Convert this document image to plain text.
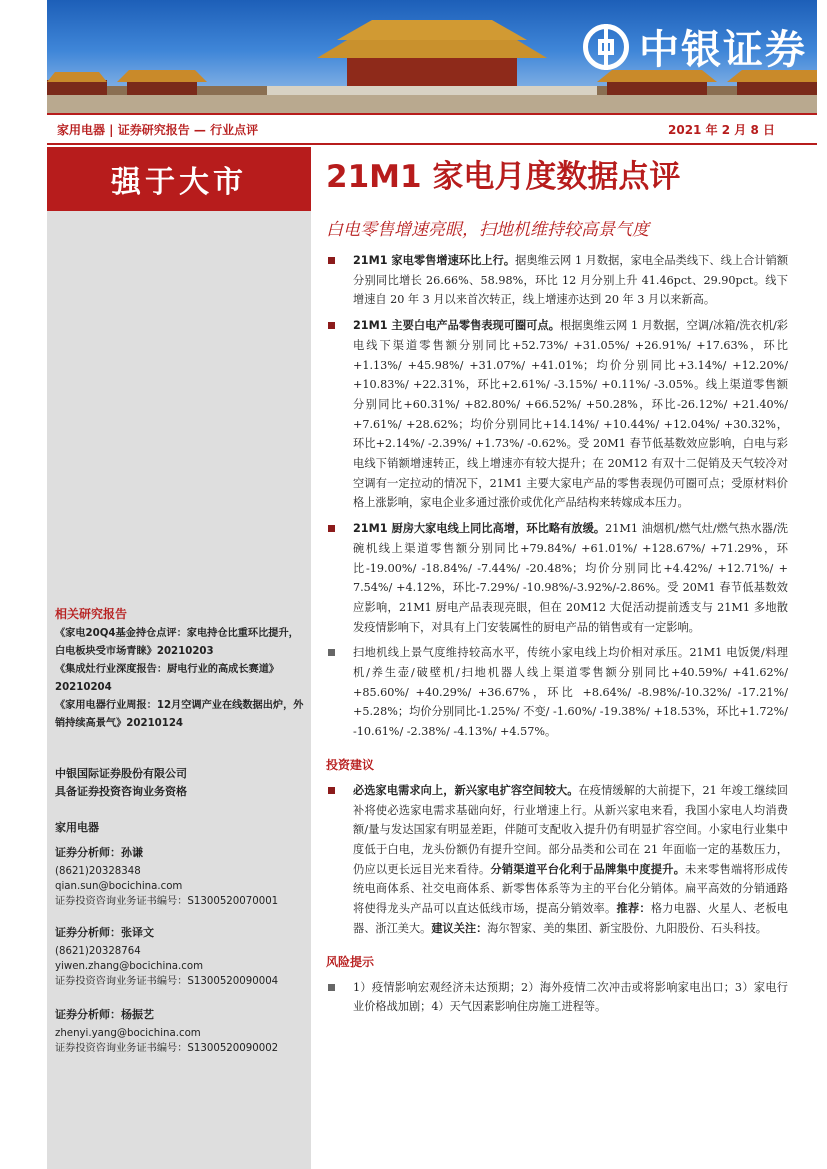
中银证券
家用电器 | 证券研究报告 — 行业点评	2021 年 2 月 8 日
强于大市
相关研究报告
《家电20Q4基金持仓点评：家电持仓比重环比提升，白电板块受市场青睐》20210203
《集成灶行业深度报告：厨电行业的高成长赛道》20210204
《家用电器行业周报：12月空调产业在线数据出炉，外销持续高景气》20210124
中银国际证券股份有限公司
具备证券投资咨询业务资格
家用电器
证券分析师：孙谦
(8621)20328348
qian.sun@bocichina.com
证券投资咨询业务证书编号：S1300520070001
证券分析师：张译文
(8621)20328764
yiwen.zhang@bocichina.com
证券投资咨询业务证书编号：S1300520090004
证券分析师：杨振艺
zhenyi.yang@bocichina.com
证券投资咨询业务证书编号：S1300520090002
21M1 家电月度数据点评
白电零售增速亮眼，扫地机维持较高景气度
21M1 家电零售增速环比上行。据奥维云网 1 月数据，家电全品类线下、线上合计销额分别同比增长 26.66%、58.98%，环比 12 月分别上升 41.46pct、29.90pct。线下增速自 20 年 3 月以来首次转正，线上增速亦达到 20 年 3 月以来新高。
21M1 主要白电产品零售表现可圈可点。根据奥维云网 1 月数据，空调/冰箱/洗衣机/彩电线下渠道零售额分别同比+52.73%/ +31.05%/ +26.91%/ +17.63%，环比+1.13%/ +45.98%/ +31.07%/ +41.01%；均价分别同比+3.14%/ +12.20%/ +10.83%/ +22.31%，环比+2.61%/ -3.15%/ +0.11%/ -3.05%。线上渠道零售额分别同比+60.31%/ +82.80%/ +66.52%/ +50.28%，环比-26.12%/ +21.40%/ +7.61%/ +28.62%；均价分别同比+14.14%/ +10.44%/ +12.04%/ +30.32%，环比+2.14%/ -2.39%/ +1.73%/ -0.62%。受 20M1 春节低基数效应影响，白电与彩电线下销额增速转正，线上增速亦有较大提升；在 20M12 有双十二促销及天气较冷对空调有一定拉动的情况下，21M1 主要大家电产品的零售表现仍可圈可点；受原材料价格上涨影响，家电企业多通过涨价或优化产品结构来转嫁成本压力。
21M1 厨房大家电线上同比高增，环比略有放缓。21M1 油烟机/燃气灶/燃气热水器/洗碗机线上渠道零售额分别同比+79.84%/ +61.01%/ +128.67%/ +71.29%，环比-19.00%/ -18.84%/ -7.44%/ -20.48%；均价分别同比+4.42%/ +12.71%/ + 7.54%/ +4.12%，环比-7.29%/ -10.98%/-3.92%/-2.86%。受 20M1 春节低基数效应影响，21M1 厨电产品表现亮眼，但在 20M12 大促活动提前透支与 21M1 多地散发疫情影响下，对具有上门安装属性的厨电产品的销售或有一定影响。
扫地机线上景气度维持较高水平，传统小家电线上均价相对承压。21M1 电饭煲/料理机/养生壶/破壁机/扫地机器人线上渠道零售额分别同比+40.59%/ +41.62%/ +85.60%/ +40.29%/ +36.67%，环比 +8.64%/ -8.98%/-10.32%/ -17.21%/ +5.28%；均价分别同比-1.25%/ 不变/ -1.60%/ -19.38%/ +18.53%，环比+1.72%/ -10.61%/ -2.38%/ -4.13%/ +4.57%。
投资建议
必选家电需求向上，新兴家电扩容空间较大。在疫情缓解的大前提下，21 年竣工继续回补将使必选家电需求基础向好，行业增速上行。从新兴家电来看，我国小家电人均消费额/量与发达国家有明显差距，伴随可支配收入提升仍有明显扩容空间。小家电行业集中度低于白电，龙头份额仍有提升空间。部分品类和公司在 21 年面临一定的基数压力，仍应以更长远目光来看待。分销渠道平台化利于品牌集中度提升。未来零售端将形成传统电商体系、社交电商体系、新零售体系等为主的平台化分销体。扁平高效的分销通路将使得龙头产品可以直达低线市场，提高分销效率。推荐：格力电器、火星人、老板电器、浙江美大。建议关注：海尔智家、美的集团、新宝股份、九阳股份、石头科技。
风险提示
1）疫情影响宏观经济未达预期；2）海外疫情二次冲击或将影响家电出口；3）家电行业价格战加剧；4）天气因素影响住房施工进程等。
